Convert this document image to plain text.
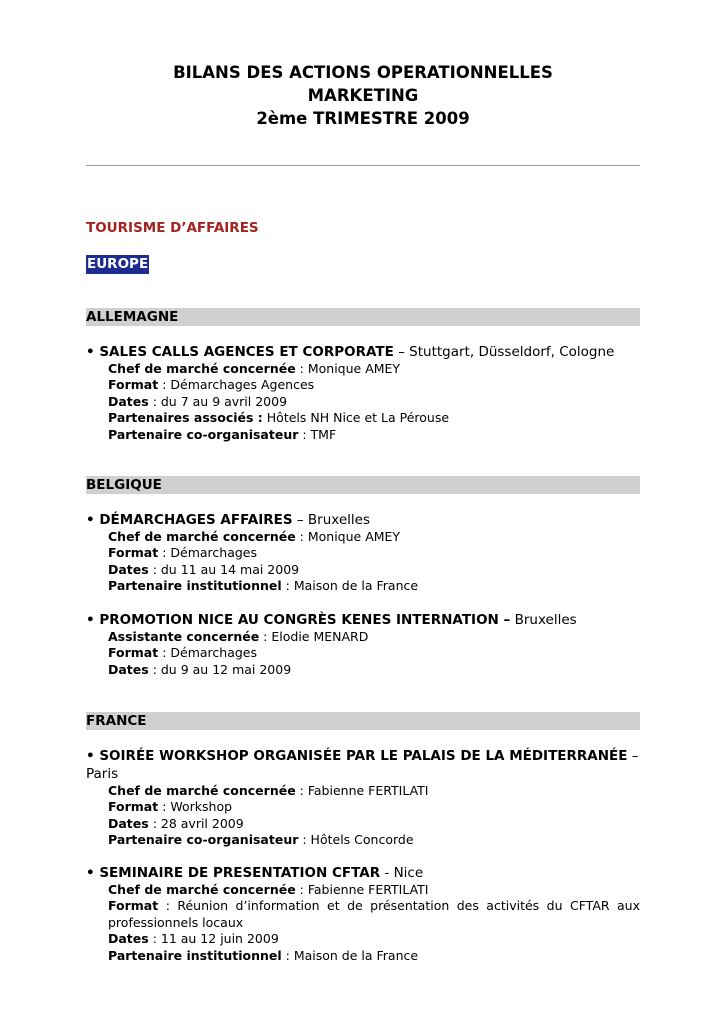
BILANS DES ACTIONS OPERATIONNELLES
MARKETING
2ème TRIMESTRE 2009
TOURISME D’AFFAIRES
EUROPE
ALLEMAGNE
• SALES CALLS AGENCES ET CORPORATE – Stuttgart, Düsseldorf, Cologne
Chef de marché concernée : Monique AMEY
Format : Démarchages Agences
Dates : du 7 au 9 avril 2009
Partenaires associés : Hôtels NH Nice et La Pérouse
Partenaire co-organisateur : TMF
BELGIQUE
• DÉMARCHAGES AFFAIRES – Bruxelles
Chef de marché concernée : Monique AMEY
Format : Démarchages
Dates : du 11 au 14 mai 2009
Partenaire institutionnel : Maison de la France
• PROMOTION NICE AU CONGRÈS KENES INTERNATION – Bruxelles
Assistante concernée : Elodie MENARD
Format : Démarchages
Dates : du 9 au 12 mai 2009
FRANCE
• SOIRÉE WORKSHOP ORGANISÉE PAR LE PALAIS DE LA MÉDITERRANÉE –
Paris
Chef de marché concernée : Fabienne FERTILATI
Format : Workshop
Dates : 28 avril 2009
Partenaire co-organisateur : Hôtels Concorde
• SEMINAIRE DE PRESENTATION CFTAR - Nice
Chef de marché concernée : Fabienne FERTILATI
Format : Réunion d’information et de présentation des activités du CFTAR aux professionnels locaux
Dates : 11 au 12 juin 2009
Partenaire institutionnel : Maison de la France
